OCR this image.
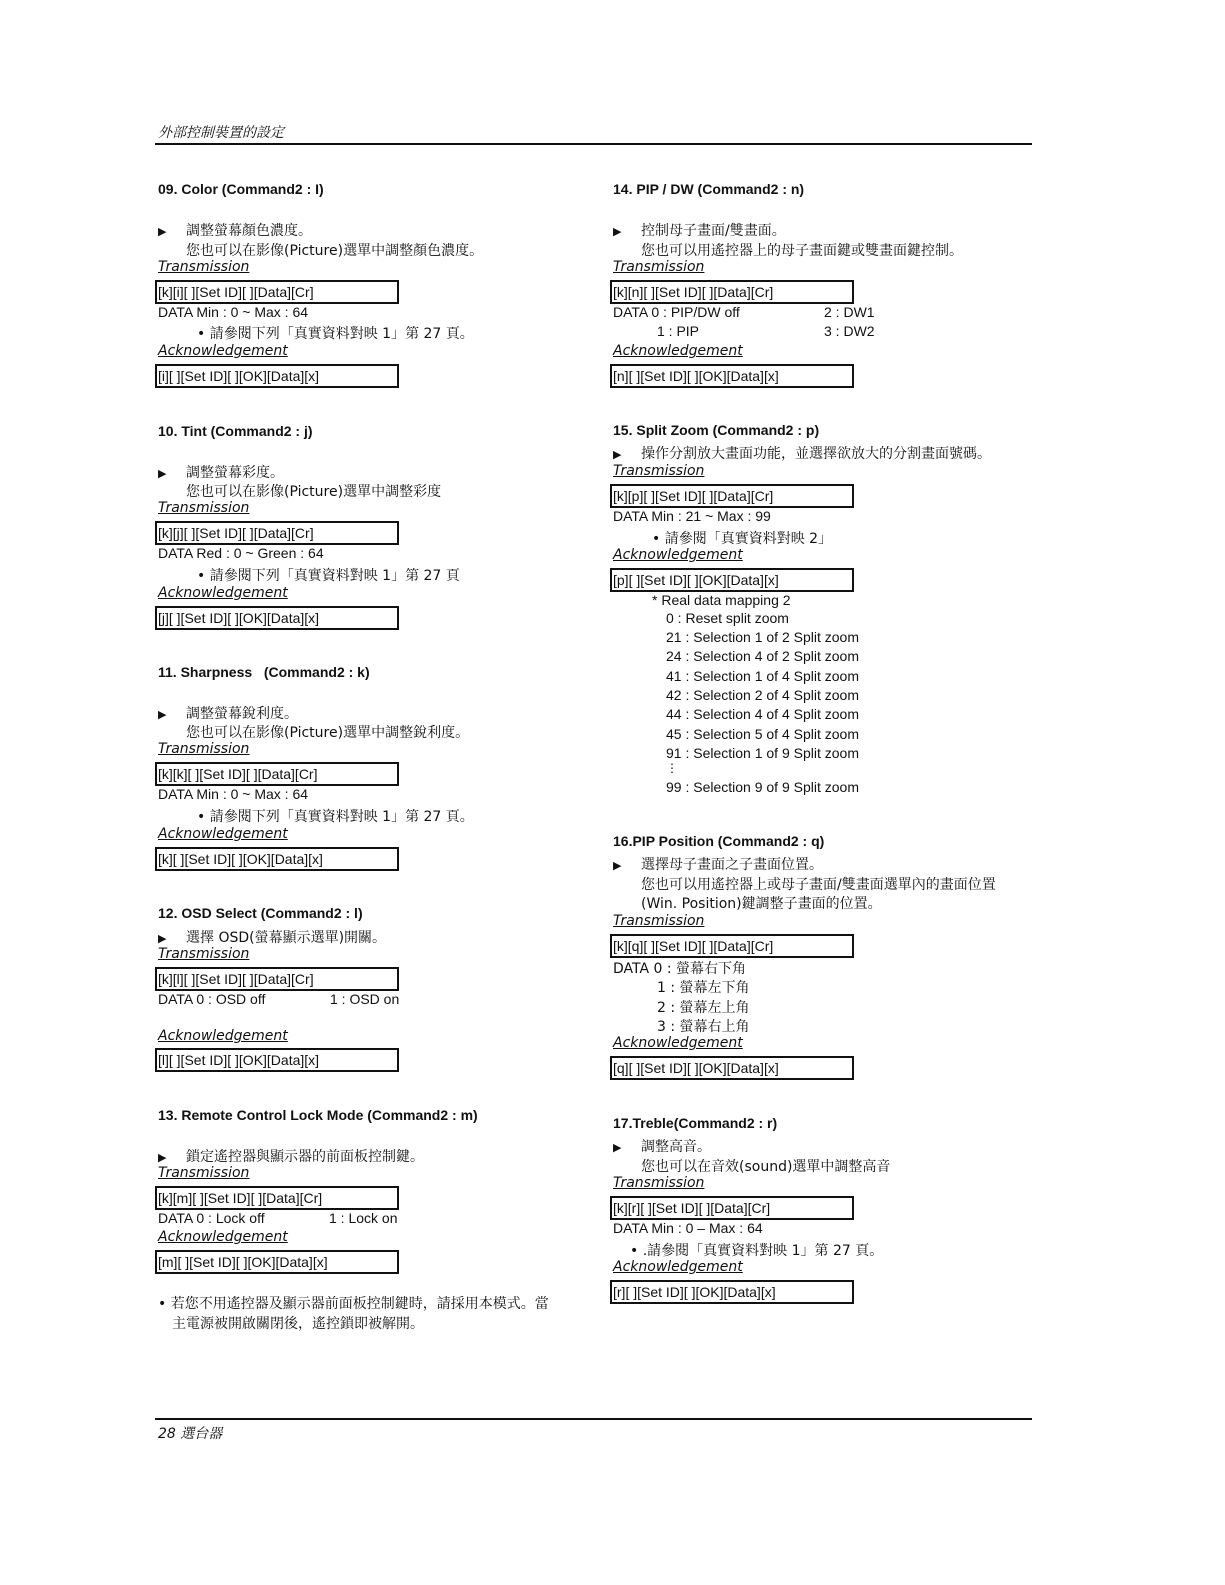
外部控制裝置的設定
09. Color (Command2 : I)
▶ 調整螢幕顏色濃度。
您也可以在影像(Picture)選單中調整顏色濃度。
Transmission
[k][i][ ][Set ID][ ][Data][Cr]
DATA Min : 0 ~ Max : 64
• 請參閱下列「真實資料對映 1」第 27 頁。
Acknowledgement
[i][ ][Set ID][ ][OK][Data][x]
10. Tint (Command2 : j)
▶ 調整螢幕彩度。
您也可以在影像(Picture)選單中調整彩度
Transmission
[k][j][ ][Set ID][ ][Data][Cr]
DATA Red : 0 ~ Green : 64
• 請參閱下列「真實資料對映 1」第 27 頁
Acknowledgement
[j][ ][Set ID][ ][OK][Data][x]
11. Sharpness   (Command2 : k)
▶ 調整螢幕銳利度。
您也可以在影像(Picture)選單中調整銳利度。
Transmission
[k][k][ ][Set ID][ ][Data][Cr]
DATA Min : 0 ~ Max : 64
• 請參閱下列「真實資料對映 1」第 27 頁。
Acknowledgement
[k][ ][Set ID][ ][OK][Data][x]
12. OSD Select (Command2 : l)
▶ 選擇 OSD(螢幕顯示選單)開關。
Transmission
[k][l][ ][Set ID][ ][Data][Cr]
DATA 0 : OSD off	1 : OSD on
Acknowledgement
[l][ ][Set ID][ ][OK][Data][x]
13. Remote Control Lock Mode (Command2 : m)
▶ 鎖定遙控器與顯示器的前面板控制鍵。
Transmission
[k][m][ ][Set ID][ ][Data][Cr]
DATA 0 : Lock off	1 : Lock on
Acknowledgement
[m][ ][Set ID][ ][OK][Data][x]
• 若您不用遙控器及顯示器前面板控制鍵時，請採用本模式。當
主電源被開啟關閉後，遙控鎖即被解開。
14. PIP / DW (Command2 : n)
▶ 控制母子畫面/雙畫面。
您也可以用遙控器上的母子畫面鍵或雙畫面鍵控制。
Transmission
[k][n][ ][Set ID][ ][Data][Cr]
DATA 0 : PIP/DW off	2 : DW1
1 : PIP	3 : DW2
Acknowledgement
[n][ ][Set ID][ ][OK][Data][x]
15. Split Zoom (Command2 : p)
▶ 操作分割放大畫面功能，並選擇欲放大的分割畫面號碼。
Transmission
[k][p][ ][Set ID][ ][Data][Cr]
DATA Min : 21 ~ Max : 99
• 請參閱「真實資料對映 2」
Acknowledgement
[p][ ][Set ID][ ][OK][Data][x]
* Real data mapping 2
0 : Reset split zoom
21 : Selection 1 of 2 Split zoom
24 : Selection 4 of 2 Split zoom
41 : Selection 1 of 4 Split zoom
42 : Selection 2 of 4 Split zoom
44 : Selection 4 of 4 Split zoom
45 : Selection 5 of 4 Split zoom
91 : Selection 1 of 9 Split zoom
⋮
99 : Selection 9 of 9 Split zoom
16.PIP Position (Command2 : q)
▶ 選擇母子畫面之子畫面位置。
您也可以用遙控器上或母子畫面/雙畫面選單內的畫面位置
(Win. Position)鍵調整子畫面的位置。
Transmission
[k][q][ ][Set ID][ ][Data][Cr]
DATA 0 : 螢幕右下角
1 : 螢幕左下角
2 : 螢幕左上角
3 : 螢幕右上角
Acknowledgement
[q][ ][Set ID][ ][OK][Data][x]
17.Treble(Command2 : r)
▶ 調整高音。
您也可以在音效(sound)選單中調整高音
Transmission
[k][r][ ][Set ID][ ][Data][Cr]
DATA Min : 0 – Max : 64
• .請參閱「真實資料對映 1」第 27 頁。
Acknowledgement
[r][ ][Set ID][ ][OK][Data][x]
28 選台器
